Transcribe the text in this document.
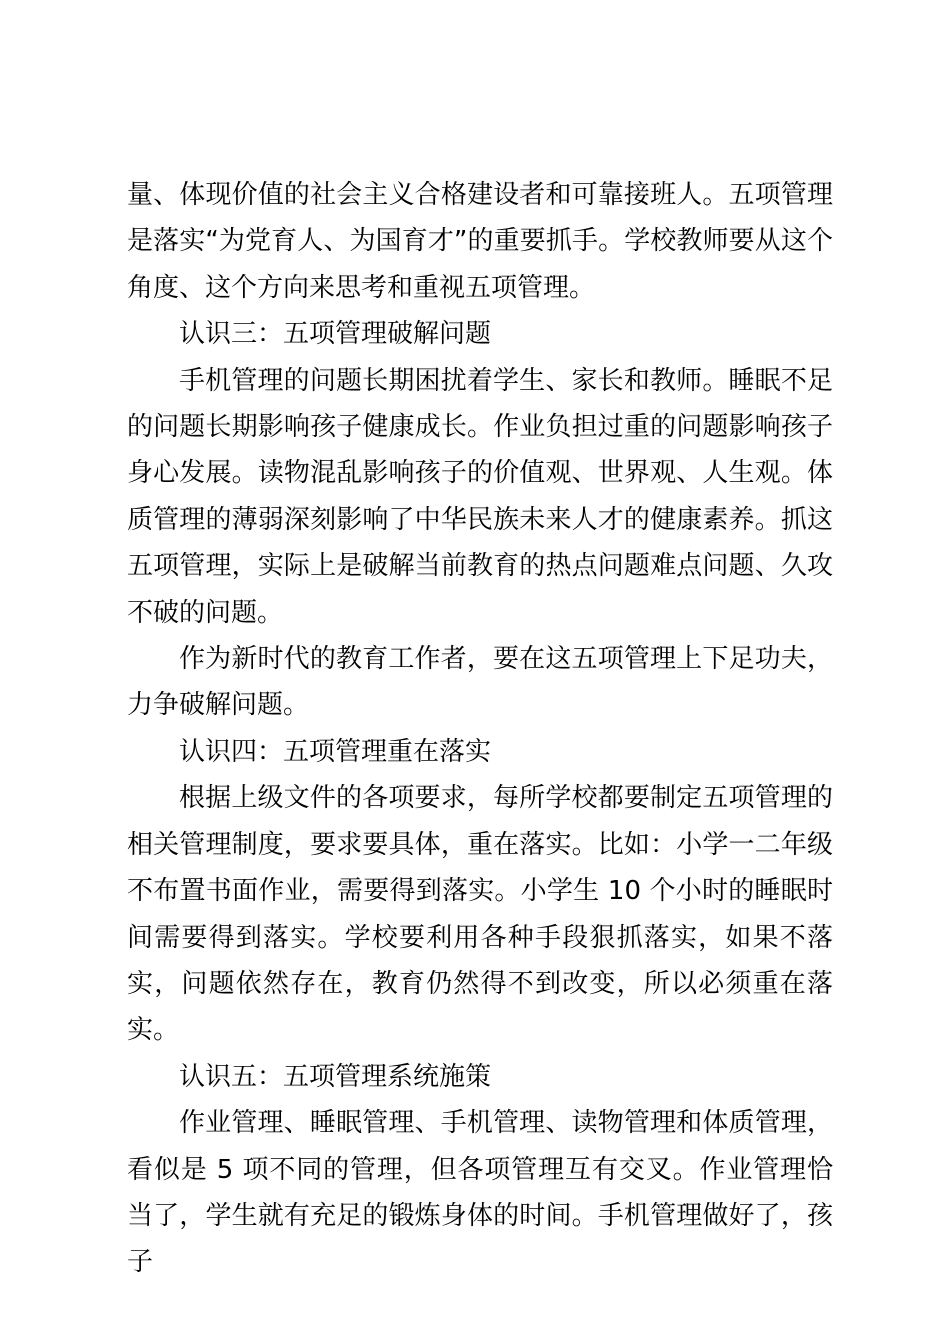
量、体现价值的社会主义合格建设者和可靠接班人。五项管理是落实“为党育人、为国育才”的重要抓手。学校教师要从这个角度、这个方向来思考和重视五项管理。

认识三：五项管理破解问题

手机管理的问题长期困扰着学生、家长和教师。睡眠不足的问题长期影响孩子健康成长。作业负担过重的问题影响孩子身心发展。读物混乱影响孩子的价值观、世界观、人生观。体质管理的薄弱深刻影响了中华民族未来人才的健康素养。抓这五项管理，实际上是破解当前教育的热点问题难点问题、久攻不破的问题。

作为新时代的教育工作者，要在这五项管理上下足功夫，力争破解问题。

认识四：五项管理重在落实

根据上级文件的各项要求，每所学校都要制定五项管理的相关管理制度，要求要具体，重在落实。比如：小学一二年级不布置书面作业，需要得到落实。小学生 10 个小时的睡眠时间需要得到落实。学校要利用各种手段狠抓落实，如果不落实，问题依然存在，教育仍然得不到改变，所以必须重在落实。

认识五：五项管理系统施策

作业管理、睡眠管理、手机管理、读物管理和体质管理，看似是 5 项不同的管理，但各项管理互有交叉。作业管理恰当了，学生就有充足的锻炼身体的时间。手机管理做好了，孩子
